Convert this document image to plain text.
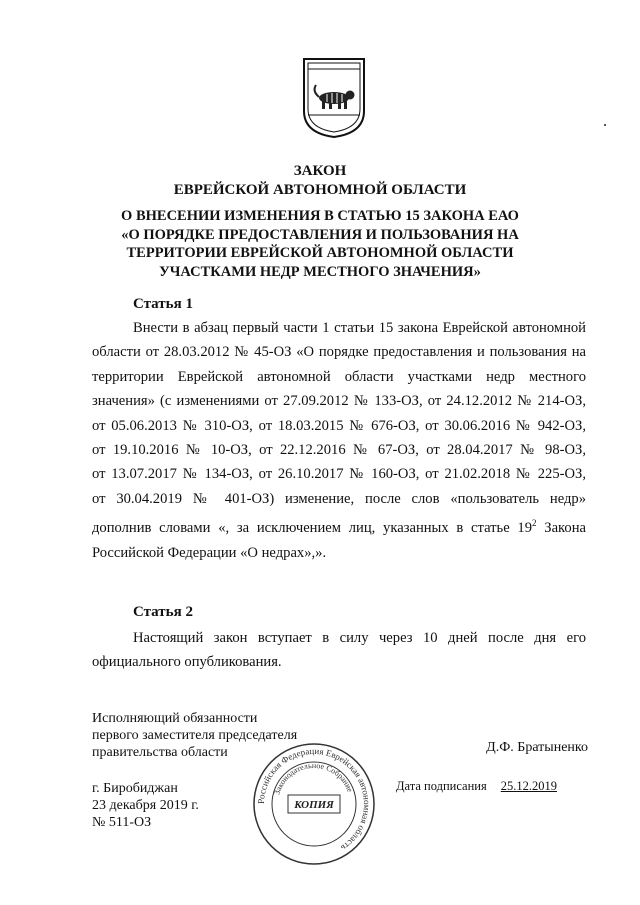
ЗАКОН
ЕВРЕЙСКОЙ АВТОНОМНОЙ ОБЛАСТИ
О ВНЕСЕНИИ ИЗМЕНЕНИЯ В СТАТЬЮ 15 ЗАКОНА ЕАО
«О ПОРЯДКЕ ПРЕДОСТАВЛЕНИЯ И ПОЛЬЗОВАНИЯ НА
ТЕРРИТОРИИ ЕВРЕЙСКОЙ АВТОНОМНОЙ ОБЛАСТИ
УЧАСТКАМИ НЕДР МЕСТНОГО ЗНАЧЕНИЯ»
Статья 1
Внести в абзац первый части 1 статьи 15 закона Еврейской автономной
области от 28.03.2012 № 45-ОЗ «О порядке предоставления и пользования на
территории Еврейской автономной области участками недр местного
значения» (с изменениями от 27.09.2012 № 133-ОЗ, от 24.12.2012 № 214-ОЗ,
от 05.06.2013 № 310-ОЗ, от 18.03.2015 № 676-ОЗ, от 30.06.2016 № 942-ОЗ,
от 19.10.2016 № 10-ОЗ, от 22.12.2016 № 67-ОЗ, от 28.04.2017 № 98-ОЗ,
от 13.07.2017 № 134-ОЗ, от 26.10.2017 № 160-ОЗ, от 21.02.2018 № 225-ОЗ,
от 30.04.2019 № 401-ОЗ) изменение, после слов «пользователь недр»
дополнив словами «, за исключением лиц, указанных в статье $19^2$ Закона
Российской Федерации «О недрах»,».
Статья 2
Настоящий закон вступает в силу через 10 дней после дня его
официального опубликования.
Исполняющий обязанности
первого заместителя председателя
правительства области	Д.Ф. Братыненко
г. Биробиджан
23 декабря 2019 г.
№ 511-ОЗ
Дата подписания 25.12.2019
Российская Федерация Еврейская автономная область
Законодательное Собрание
КОПИЯ
